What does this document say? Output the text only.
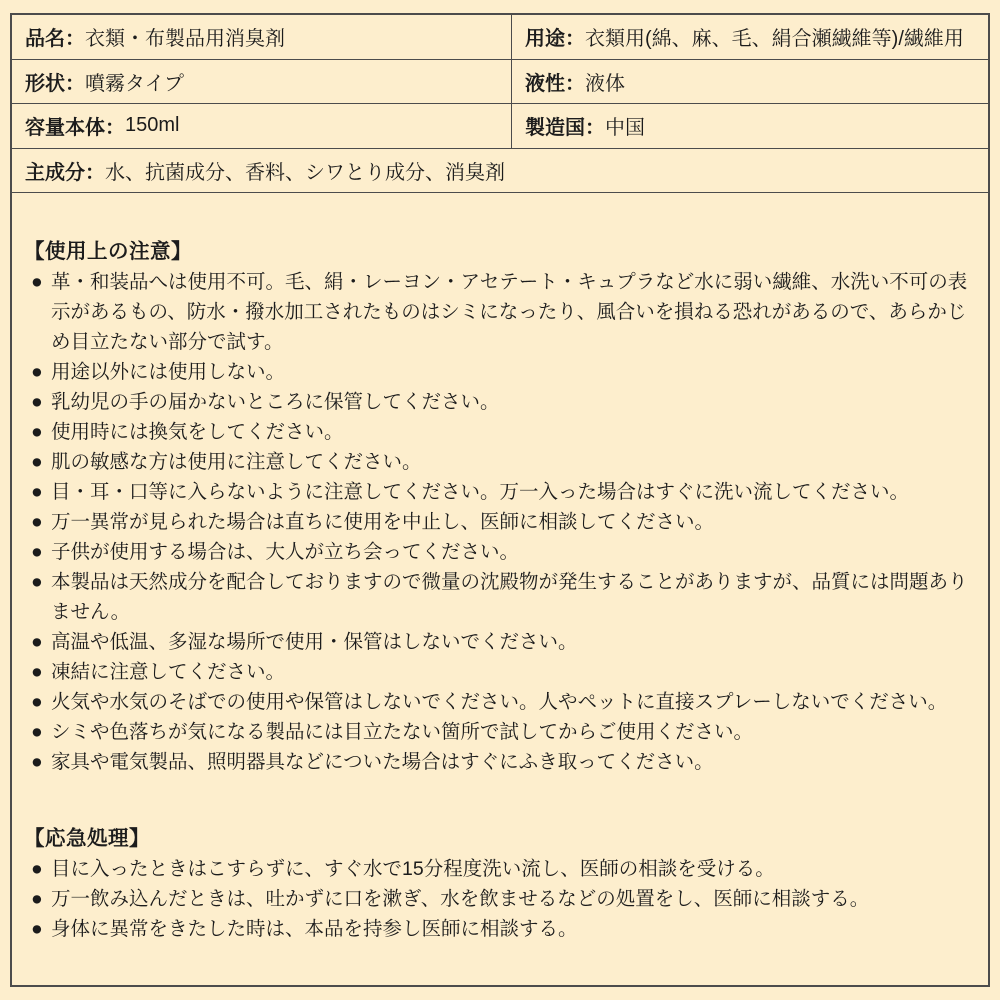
品名： 衣類・布製品用消臭剤	用途： 衣類用(綿、麻、毛、絹合瀬繊維等)/繊維用
形状： 噴霧タイプ	液性： 液体
容量本体： 150ml	製造国： 中国
主成分： 水、抗菌成分、香料、シワとり成分、消臭剤
【使用上の注意】
● 革・和装品へは使用不可。毛、絹・レーヨン・アセテート・キュプラなど水に弱い繊維、水洗い不可の表示があるもの、防水・撥水加工されたものはシミになったり、風合いを損ねる恐れがあるので、あらかじめ目立たない部分で試す。
● 用途以外には使用しない。
● 乳幼児の手の届かないところに保管してください。
● 使用時には換気をしてください。
● 肌の敏感な方は使用に注意してください。
● 目・耳・口等に入らないように注意してください。万一入った場合はすぐに洗い流してください。
● 万一異常が見られた場合は直ちに使用を中止し、医師に相談してください。
● 子供が使用する場合は、大人が立ち会ってください。
● 本製品は天然成分を配合しておりますので微量の沈殿物が発生することがありますが、品質には問題ありません。
● 高温や低温、多湿な場所で使用・保管はしないでください。
● 凍結に注意してください。
● 火気や水気のそばでの使用や保管はしないでください。人やペットに直接スプレーしないでください。
● シミや色落ちが気になる製品には目立たない箇所で試してからご使用ください。
● 家具や電気製品、照明器具などについた場合はすぐにふき取ってください。
【応急処理】
● 目に入ったときはこすらずに、すぐ水で15分程度洗い流し、医師の相談を受ける。
● 万一飲み込んだときは、吐かずに口を漱ぎ、水を飲ませるなどの処置をし、医師に相談する。
● 身体に異常をきたした時は、本品を持参し医師に相談する。
